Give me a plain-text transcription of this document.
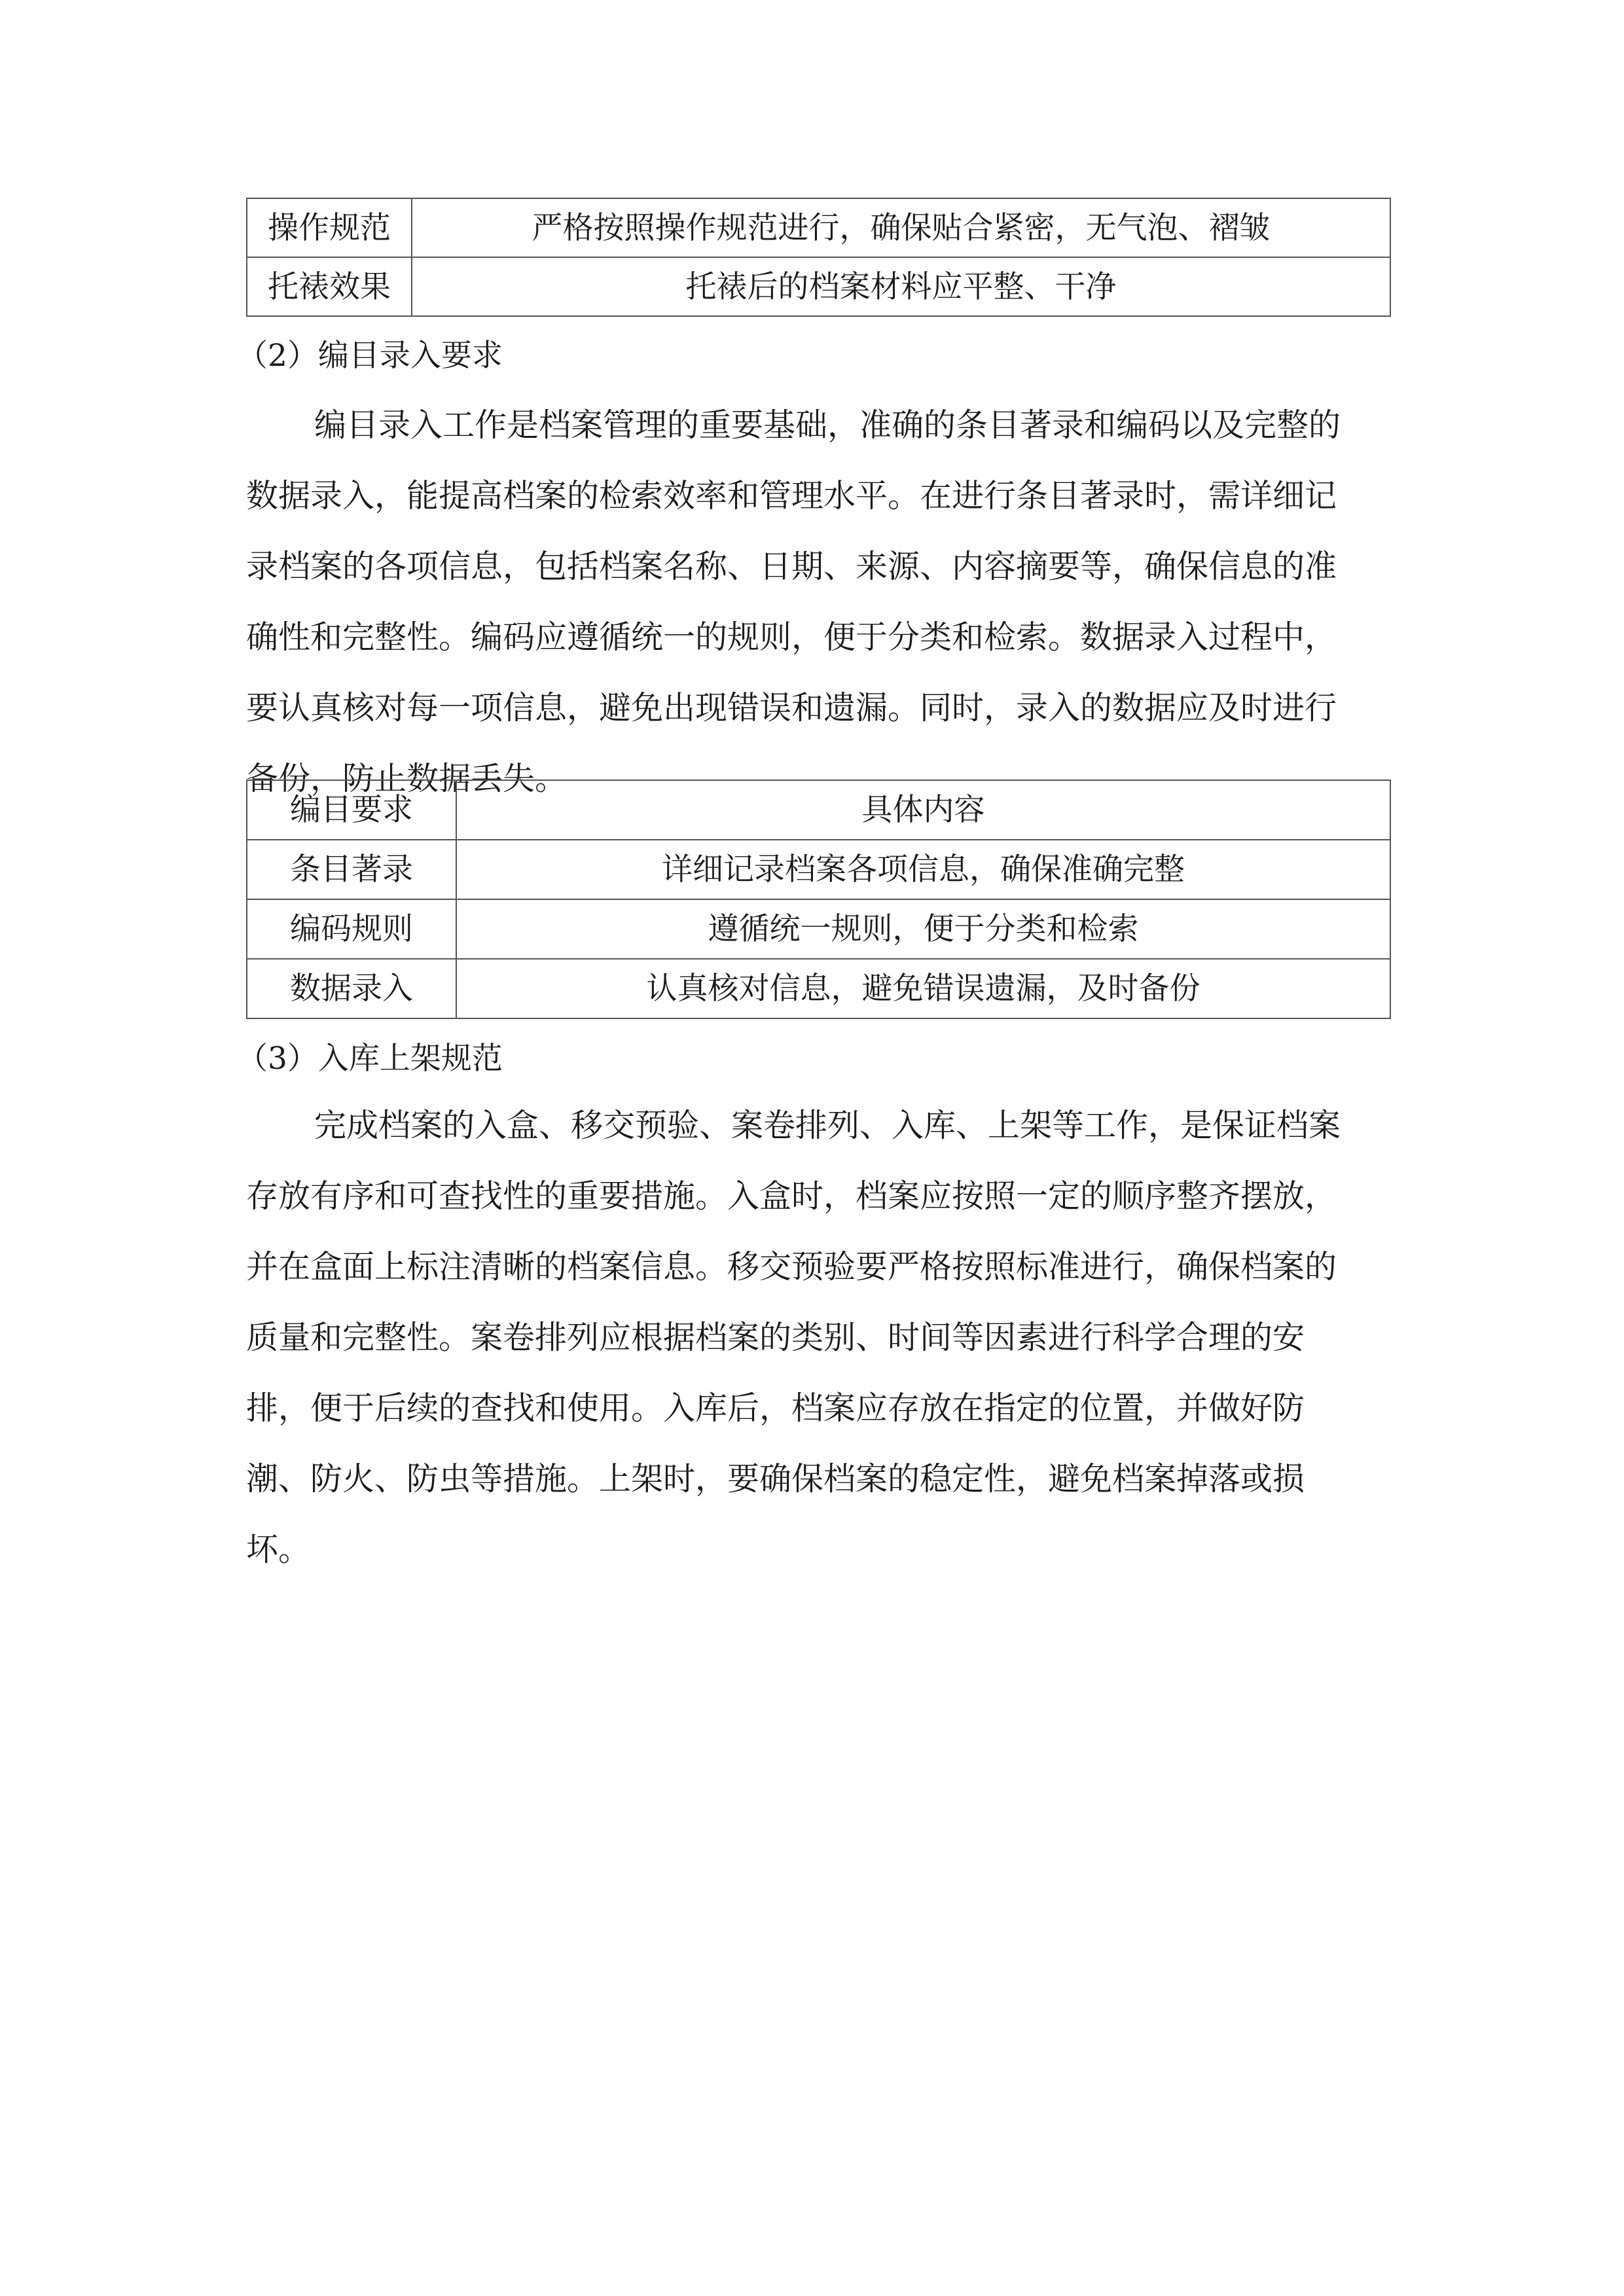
操作规范	严格按照操作规范进行，确保贴合紧密，无气泡、褶皱
托裱效果	托裱后的档案材料应平整、干净
（2）编目录入要求
编目录入工作是档案管理的重要基础，准确的条目著录和编码以及完整的
数据录入，能提高档案的检索效率和管理水平。在进行条目著录时，需详细记
录档案的各项信息，包括档案名称、日期、来源、内容摘要等，确保信息的准
确性和完整性。编码应遵循统一的规则，便于分类和检索。数据录入过程中，
要认真核对每一项信息，避免出现错误和遗漏。同时，录入的数据应及时进行
备份，防止数据丢失。
编目要求	具体内容
条目著录	详细记录档案各项信息，确保准确完整
编码规则	遵循统一规则，便于分类和检索
数据录入	认真核对信息，避免错误遗漏，及时备份
（3）入库上架规范
完成档案的入盒、移交预验、案卷排列、入库、上架等工作，是保证档案
存放有序和可查找性的重要措施。入盒时，档案应按照一定的顺序整齐摆放，
并在盒面上标注清晰的档案信息。移交预验要严格按照标准进行，确保档案的
质量和完整性。案卷排列应根据档案的类别、时间等因素进行科学合理的安
排，便于后续的查找和使用。入库后，档案应存放在指定的位置，并做好防
潮、防火、防虫等措施。上架时，要确保档案的稳定性，避免档案掉落或损
坏。
